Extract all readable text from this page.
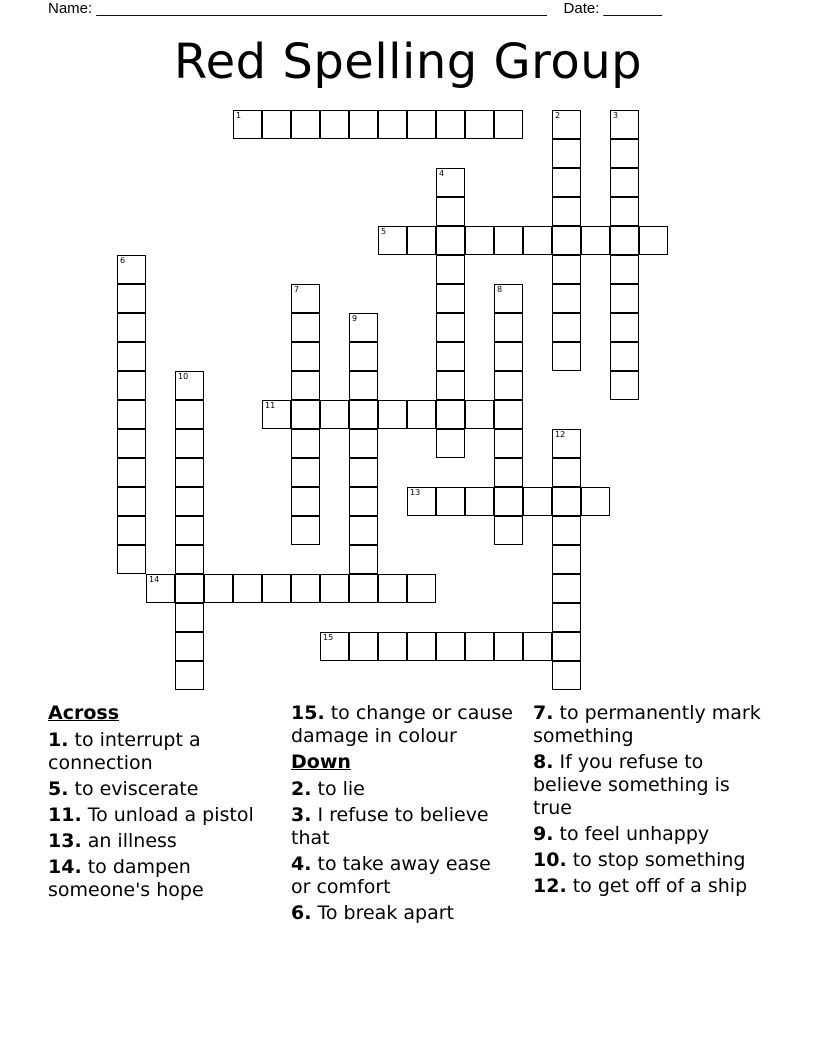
Name: ______________________________________________________ Date: _______
Red Spelling Group
1	2	3
4
5
6
7	8
9
10
11
12
13
14
15
Across
1. to interrupt a connection
5. to eviscerate
11. To unload a pistol
13. an illness
14. to dampen someone's hope
15. to change or cause damage in colour
Down
2. to lie
3. I refuse to believe that
4. to take away ease or comfort
6. To break apart
7. to permanently mark something
8. If you refuse to believe something is true
9. to feel unhappy
10. to stop something
12. to get off of a ship
